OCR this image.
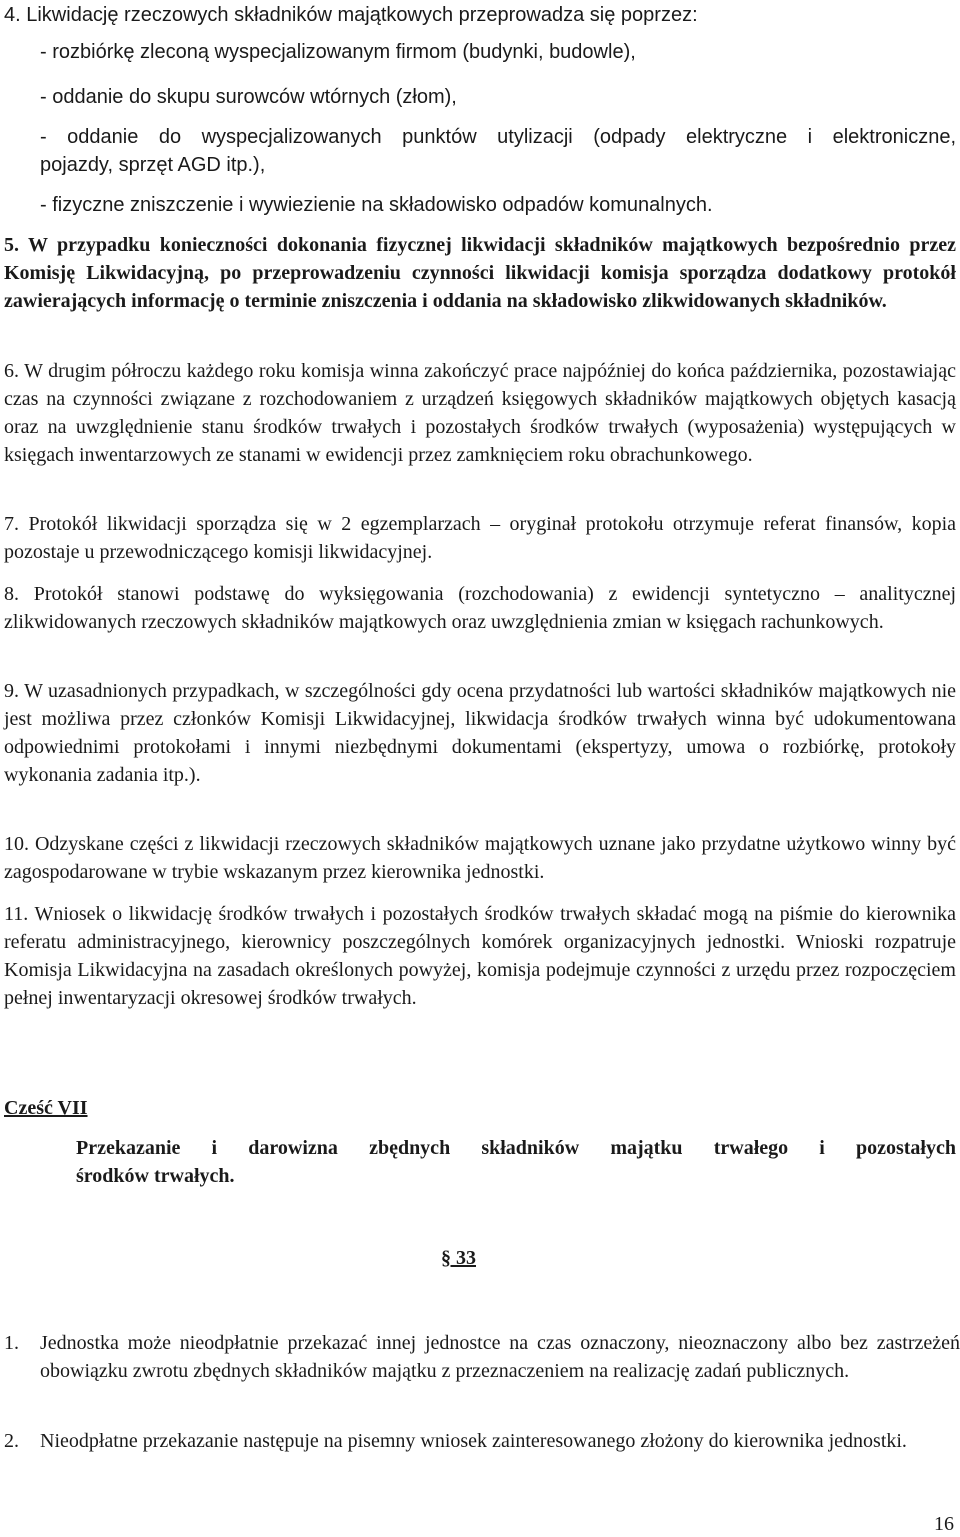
4. Likwidację rzeczowych składników majątkowych przeprowadza się poprzez:

- rozbiórkę zleconą wyspecjalizowanym firmom (budynki, budowle),

- oddanie do skupu surowców wtórnych (złom),

- oddanie do wyspecjalizowanych punktów utylizacji (odpady elektryczne i elektroniczne,

pojazdy, sprzęt AGD itp.),

- fizyczne zniszczenie i wywiezienie na składowisko odpadów komunalnych.

5. W przypadku konieczności dokonania fizycznej likwidacji składników majątkowych bezpośrednio przez Komisję Likwidacyjną, po przeprowadzeniu czynności likwidacji komisja sporządza dodatkowy protokół zawierających informację o terminie zniszczenia i oddania na składowisko zlikwidowanych składników.

6. W drugim półroczu każdego roku komisja winna zakończyć prace najpóźniej do końca października, pozostawiając czas na czynności związane z rozchodowaniem z urządzeń księgowych składników majątkowych objętych kasacją oraz na uwzględnienie stanu środków trwałych i pozostałych środków trwałych (wyposażenia) występujących w księgach inwentarzowych ze stanami w ewidencji przez zamknięciem roku obrachunkowego.

7. Protokół likwidacji sporządza się w 2 egzemplarzach – oryginał protokołu otrzymuje referat finansów, kopia pozostaje u przewodniczącego komisji likwidacyjnej.

8. Protokół stanowi podstawę do wyksięgowania (rozchodowania) z ewidencji syntetyczno – analitycznej zlikwidowanych rzeczowych składników majątkowych oraz uwzględnienia zmian w księgach rachunkowych.

9. W uzasadnionych przypadkach, w szczególności gdy ocena przydatności lub wartości składników majątkowych nie jest możliwa przez członków Komisji Likwidacyjnej, likwidacja środków trwałych winna być udokumentowana odpowiednimi protokołami i innymi niezbędnymi dokumentami (ekspertyzy, umowa o rozbiórkę, protokoły wykonania zadania itp.).

10. Odzyskane części z likwidacji rzeczowych składników majątkowych uznane jako przydatne użytkowo winny być zagospodarowane w trybie wskazanym przez kierownika jednostki.

11. Wniosek o likwidację środków trwałych i pozostałych środków trwałych składać mogą na piśmie do kierownika referatu administracyjnego, kierownicy poszczególnych komórek organizacyjnych jednostki. Wnioski rozpatruje Komisja Likwidacyjna na zasadach określonych powyżej, komisja podejmuje czynności z urzędu przez rozpoczęciem pełnej inwentaryzacji okresowej środków trwałych.

Cześć VII

Przekazanie i darowizna zbędnych składników majątku trwałego i pozostałych

środków trwałych.

§ 33

1. Jednostka może nieodpłatnie przekazać innej jednostce na czas oznaczony, nieoznaczony albo bez zastrzeżeń obowiązku zwrotu zbędnych składników majątku z przeznaczeniem na realizację zadań publicznych.

2. Nieodpłatne przekazanie następuje na pisemny wniosek zainteresowanego złożony do kierownika jednostki.

16
